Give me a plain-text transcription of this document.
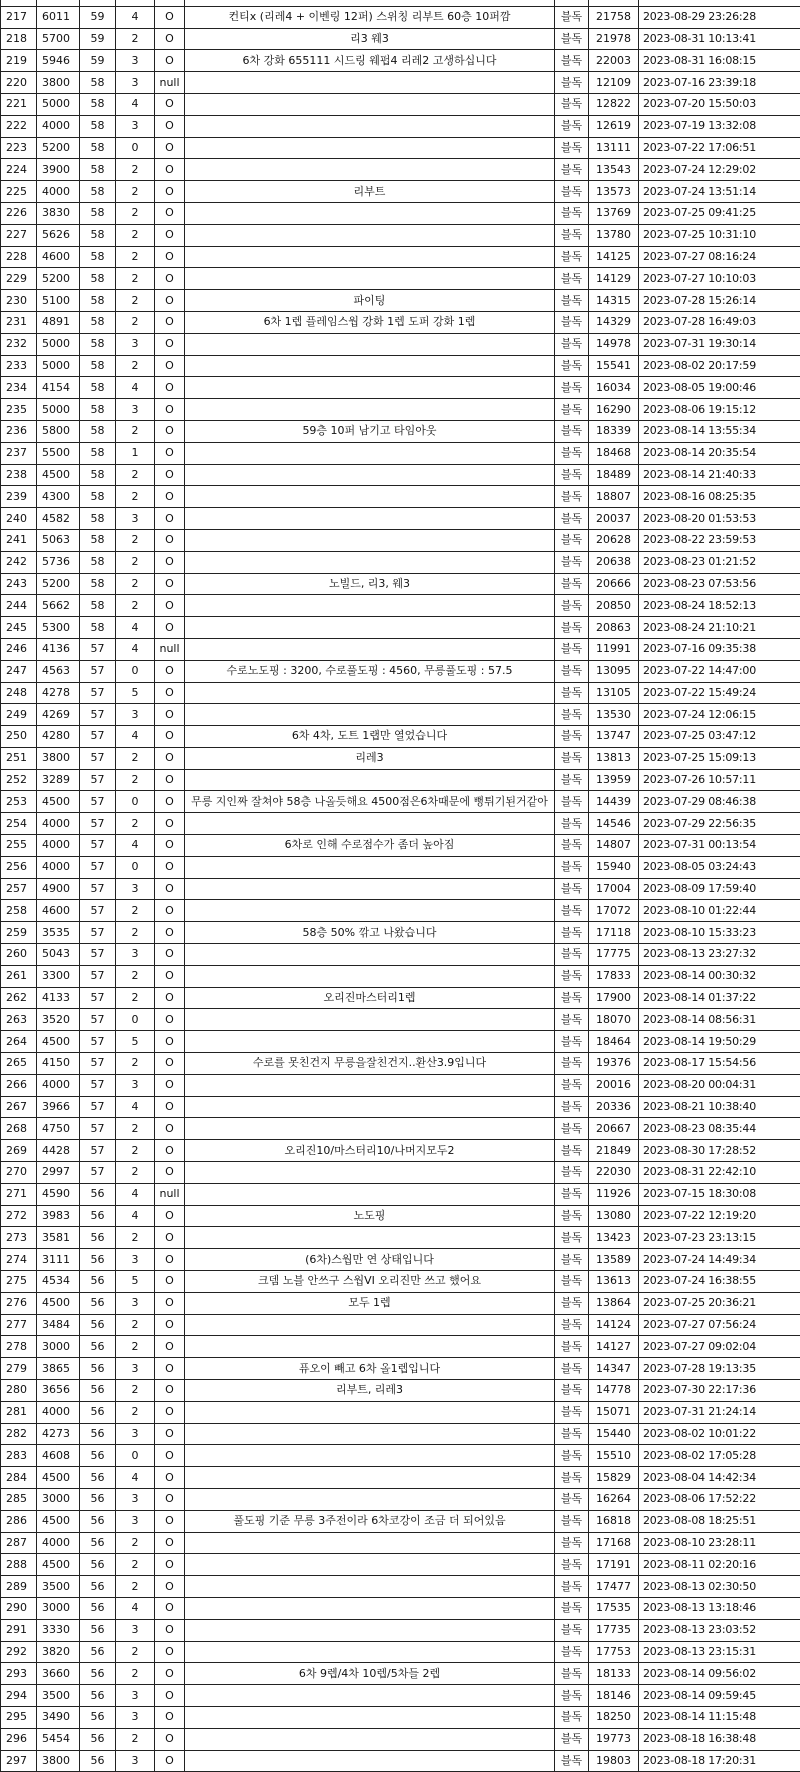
217	6011	59	4	O	컨티x (리레4 + 이벤링 12퍼) 스위칭 리부트 60층 10퍼깜	블독	21758	2023-08-29 23:26:28
218	5700	59	2	O	리3 웨3	블독	21978	2023-08-31 10:13:41
219	5946	59	3	O	6차 강화 655111 시드링 웨펍4 리레2 고생하십니다	블독	22003	2023-08-31 16:08:15
220	3800	58	3	null		블독	12109	2023-07-16 23:39:18
221	5000	58	4	O		블독	12822	2023-07-20 15:50:03
222	4000	58	3	O		블독	12619	2023-07-19 13:32:08
223	5200	58	0	O		블독	13111	2023-07-22 17:06:51
224	3900	58	2	O		블독	13543	2023-07-24 12:29:02
225	4000	58	2	O	리부트	블독	13573	2023-07-24 13:51:14
226	3830	58	2	O		블독	13769	2023-07-25 09:41:25
227	5626	58	2	O		블독	13780	2023-07-25 10:31:10
228	4600	58	2	O		블독	14125	2023-07-27 08:16:24
229	5200	58	2	O		블독	14129	2023-07-27 10:10:03
230	5100	58	2	O	파이팅	블독	14315	2023-07-28 15:26:14
231	4891	58	2	O	6차 1렙 플레임스웝 강화 1렙 도퍼 강화 1렙	블독	14329	2023-07-28 16:49:03
232	5000	58	3	O		블독	14978	2023-07-31 19:30:14
233	5000	58	2	O		블독	15541	2023-08-02 20:17:59
234	4154	58	4	O		블독	16034	2023-08-05 19:00:46
235	5000	58	3	O		블독	16290	2023-08-06 19:15:12
236	5800	58	2	O	59층 10퍼 남기고 타임아웃	블독	18339	2023-08-14 13:55:34
237	5500	58	1	O		블독	18468	2023-08-14 20:35:54
238	4500	58	2	O		블독	18489	2023-08-14 21:40:33
239	4300	58	2	O		블독	18807	2023-08-16 08:25:35
240	4582	58	3	O		블독	20037	2023-08-20 01:53:53
241	5063	58	2	O		블독	20628	2023-08-22 23:59:53
242	5736	58	2	O		블독	20638	2023-08-23 01:21:52
243	5200	58	2	O	노빌드, 리3, 웨3	블독	20666	2023-08-23 07:53:56
244	5662	58	2	O		블독	20850	2023-08-24 18:52:13
245	5300	58	4	O		블독	20863	2023-08-24 21:10:21
246	4136	57	4	null		블독	11991	2023-07-16 09:35:38
247	4563	57	0	O	수로노도핑 : 3200, 수로풀도핑 : 4560, 무릉풀도핑 : 57.5	블독	13095	2023-07-22 14:47:00
248	4278	57	5	O		블독	13105	2023-07-22 15:49:24
249	4269	57	3	O		블독	13530	2023-07-24 12:06:15
250	4280	57	4	O	6차 4차, 도트 1랩만 열었습니다	블독	13747	2023-07-25 03:47:12
251	3800	57	2	O	리레3	블독	13813	2023-07-25 15:09:13
252	3289	57	2	O		블독	13959	2023-07-26 10:57:11
253	4500	57	0	O	무릉 지인짜 잘쳐야 58층 나올듯해요 4500점은6차때문에 뻥튀기된거같아	블독	14439	2023-07-29 08:46:38
254	4000	57	2	O		블독	14546	2023-07-29 22:56:35
255	4000	57	4	O	6차로 인해 수로점수가 좀더 높아짐	블독	14807	2023-07-31 00:13:54
256	4000	57	0	O		블독	15940	2023-08-05 03:24:43
257	4900	57	3	O		블독	17004	2023-08-09 17:59:40
258	4600	57	2	O		블독	17072	2023-08-10 01:22:44
259	3535	57	2	O	58층 50% 깎고 나왔습니다	블독	17118	2023-08-10 15:33:23
260	5043	57	3	O		블독	17775	2023-08-13 23:27:32
261	3300	57	2	O		블독	17833	2023-08-14 00:30:32
262	4133	57	2	O	오리진마스터리1렙	블독	17900	2023-08-14 01:37:22
263	3520	57	0	O		블독	18070	2023-08-14 08:56:31
264	4500	57	5	O		블독	18464	2023-08-14 19:50:29
265	4150	57	2	O	수로를 못친건지 무릉을잘친건지..환산3.9입니다	블독	19376	2023-08-17 15:54:56
266	4000	57	3	O		블독	20016	2023-08-20 00:04:31
267	3966	57	4	O		블독	20336	2023-08-21 10:38:40
268	4750	57	2	O		블독	20667	2023-08-23 08:35:44
269	4428	57	2	O	오리진10/마스터리10/나머지모두2	블독	21849	2023-08-30 17:28:52
270	2997	57	2	O		블독	22030	2023-08-31 22:42:10
271	4590	56	4	null		블독	11926	2023-07-15 18:30:08
272	3983	56	4	O	노도핑	블독	13080	2023-07-22 12:19:20
273	3581	56	2	O		블독	13423	2023-07-23 23:13:15
274	3111	56	3	O	(6차)스웝만 연 상태입니다	블독	13589	2023-07-24 14:49:34
275	4534	56	5	O	크뎀 노블 안쓰구 스웝VI 오리진만 쓰고 했어요	블독	13613	2023-07-24 16:38:55
276	4500	56	3	O	모두 1렙	블독	13864	2023-07-25 20:36:21
277	3484	56	2	O		블독	14124	2023-07-27 07:56:24
278	3000	56	2	O		블독	14127	2023-07-27 09:02:04
279	3865	56	3	O	퓨오이 빼고 6차 올1렙입니다	블독	14347	2023-07-28 19:13:35
280	3656	56	2	O	리부트, 리레3	블독	14778	2023-07-30 22:17:36
281	4000	56	2	O		블독	15071	2023-07-31 21:24:14
282	4273	56	3	O		블독	15440	2023-08-02 10:01:22
283	4608	56	0	O		블독	15510	2023-08-02 17:05:28
284	4500	56	4	O		블독	15829	2023-08-04 14:42:34
285	3000	56	3	O		블독	16264	2023-08-06 17:52:22
286	4500	56	3	O	풀도핑 기준 무릉 3주전이라 6차코강이 조금 더 되어있음	블독	16818	2023-08-08 18:25:51
287	4000	56	2	O		블독	17168	2023-08-10 23:28:11
288	4500	56	2	O		블독	17191	2023-08-11 02:20:16
289	3500	56	2	O		블독	17477	2023-08-13 02:30:50
290	3000	56	4	O		블독	17535	2023-08-13 13:18:46
291	3330	56	3	O		블독	17735	2023-08-13 23:03:52
292	3820	56	2	O		블독	17753	2023-08-13 23:15:31
293	3660	56	2	O	6차 9렙/4차 10렙/5차들 2렙	블독	18133	2023-08-14 09:56:02
294	3500	56	3	O		블독	18146	2023-08-14 09:59:45
295	3490	56	3	O		블독	18250	2023-08-14 11:15:48
296	5454	56	2	O		블독	19773	2023-08-18 16:38:48
297	3800	56	3	O		블독	19803	2023-08-18 17:20:31
